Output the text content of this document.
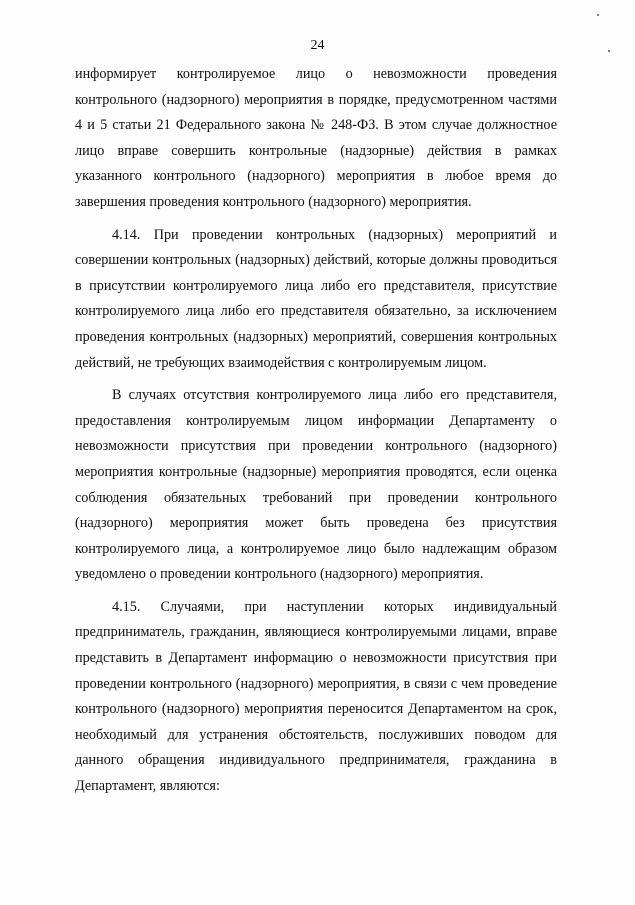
24

информирует контролируемое лицо о невозможности проведения контрольного (надзорного) мероприятия в порядке, предусмотренном частями 4 и 5 статьи 21 Федерального закона № 248-ФЗ. В этом случае должностное лицо вправе совершить контрольные (надзорные) действия в рамках указанного контрольного (надзорного) мероприятия в любое время до завершения проведения контрольного (надзорного) мероприятия.

4.14. При проведении контрольных (надзорных) мероприятий и совершении контрольных (надзорных) действий, которые должны проводиться в присутствии контролируемого лица либо его представителя, присутствие контролируемого лица либо его представителя обязательно, за исключением проведения контрольных (надзорных) мероприятий, совершения контрольных действий, не требующих взаимодействия с контролируемым лицом.

В случаях отсутствия контролируемого лица либо его представителя, предоставления контролируемым лицом информации Департаменту о невозможности присутствия при проведении контрольного (надзорного) мероприятия контрольные (надзорные) мероприятия проводятся, если оценка соблюдения обязательных требований при проведении контрольного (надзорного) мероприятия может быть проведена без присутствия контролируемого лица, а контролируемое лицо было надлежащим образом уведомлено о проведении контрольного (надзорного) мероприятия.

4.15. Случаями, при наступлении которых индивидуальный предприниматель, гражданин, являющиеся контролируемыми лицами, вправе представить в Департамент информацию о невозможности присутствия при проведении контрольного (надзорного) мероприятия, в связи с чем проведение контрольного (надзорного) мероприятия переносится Департаментом на срок, необходимый для устранения обстоятельств, послуживших поводом для данного обращения индивидуального предпринимателя, гражданина в Департамент, являются:
